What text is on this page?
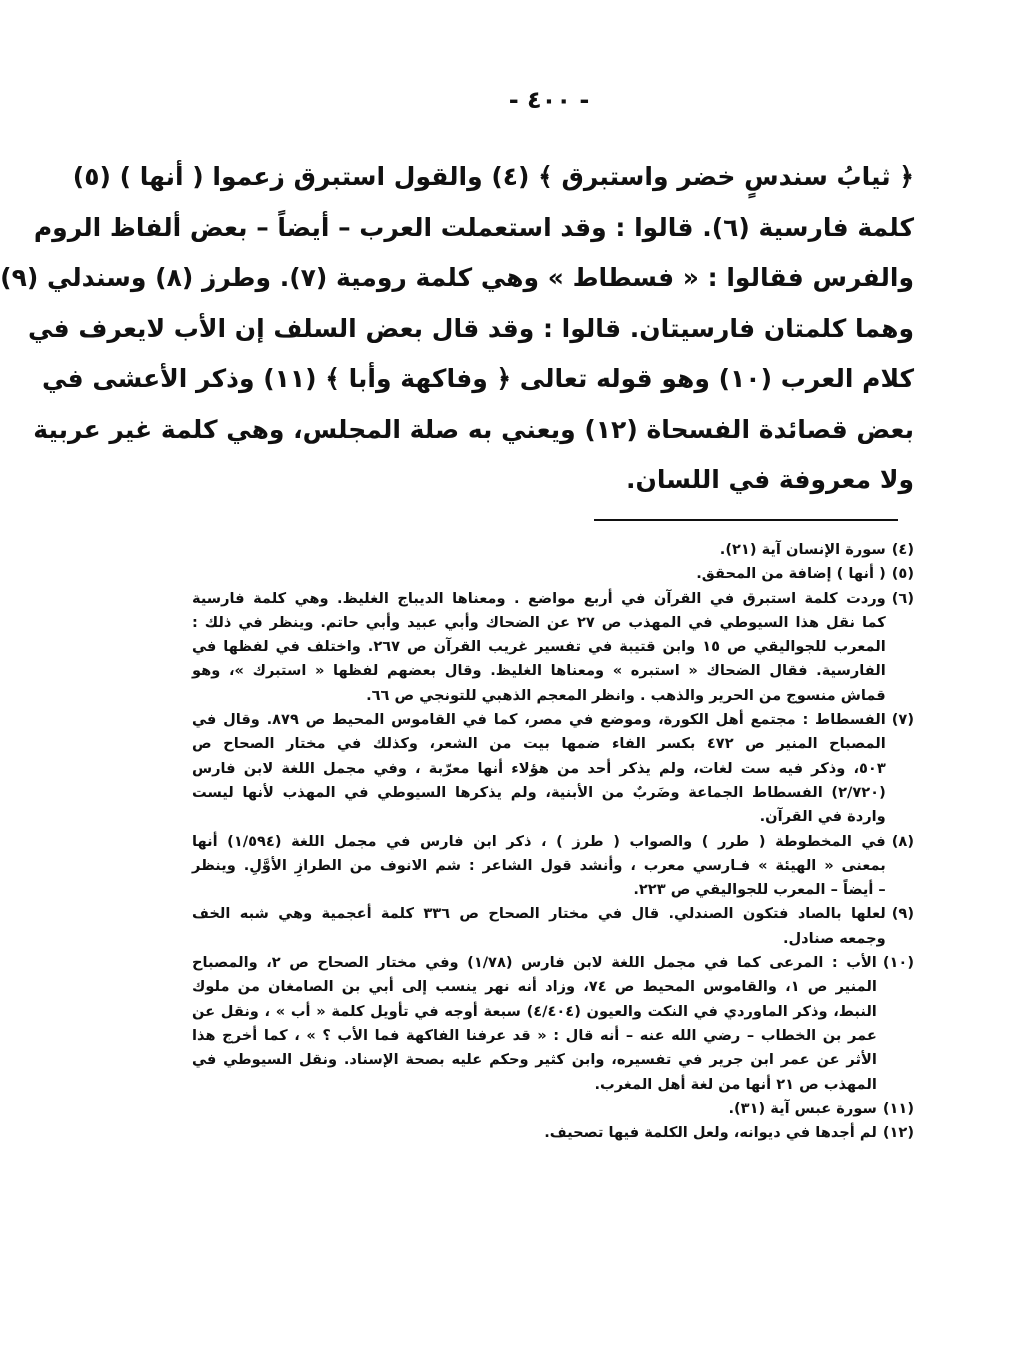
- ٤٠٠ -
﴿ ثيابُ سندسٍ خضر واستبرق ﴾ (٤) والقول استبرق زعموا ( أنها ) (٥)
كلمة فارسية (٦). قالوا : وقد استعملت العرب – أيضاً – بعض ألفاظ الروم
والفرس فقالوا : « فسطاط » وهي كلمة رومية (٧). وطرز (٨) وسندلي (٩)
وهما كلمتان فارسيتان. قالوا : وقد قال بعض السلف إن الأب لايعرف في
كلام العرب (١٠) وهو قوله تعالى ﴿ وفاكهة وأبا ﴾ (١١) وذكر الأعشى في
بعض قصائدة الفسحاة (١٢) ويعني به صلة المجلس، وهي كلمة غير عربية
ولا معروفة في اللسان.
(٤)
سورة الإنسان آية (٢١).
(٥)
( أنها ) إضافة من المحقق.
(٦)
وردت كلمة استبرق في القرآن في أربع مواضع . ومعناها الديباج الغليظ. وهي كلمة فارسية
كما نقل هذا السيوطي في المهذب ص ٢٧ عن الضحاك وأبي عبيد وأبي حاتم. وينظر في ذلك :
المعرب للجواليقي ص ١٥ وابن قتيبة في تفسير غريب القرآن ص ٢٦٧. واختلف في لفظها في
الفارسية. فقال الضحاك « استبره » ومعناها الغليظ. وقال بعضهم لفظها « استبرك »، وهو
قماش منسوج من الحرير والذهب . وانظر المعجم الذهبي للتونجي ص ٦٦.
(٧)
الفسطاط : مجتمع أهل الكورة، وموضع في مصر، كما في القاموس المحيط ص ٨٧٩. وقال في
المصباح المنير ص ٤٧٢ بكسر الفاء ضمها بيت من الشعر، وكذلك في مختار الصحاح ص
٥٠٣، وذكر فيه ست لغات، ولم يذكر أحد من هؤلاء أنها معرّبة ، وفي مجمل اللغة لابن فارس
(٢/٧٢٠) الفسطاط الجماعة وضَربٌ من الأبنية، ولم يذكرها السيوطي في المهذب لأنها ليست
واردة في القرآن.
(٨)
في المخطوطة ( طرر ) والصواب ( طرز ) ، ذكر ابن فارس في مجمل اللغة (١/٥٩٤) أنها
بمعنى « الهيئة » فـارسي معرب ، وأنشد قول الشاعر : شم الانوف من الطرازِ الأوَّلِ. وينظر
– أيضاً – المعرب للجواليقي ص ٢٢٣.
(٩)
لعلها بالصاد فتكون الصندلي. قال في مختار الصحاح ص ٣٣٦ كلمة أعجمية وهي شبه الخف
وجمعه صنادل.
(١٠)
الأب : المرعى كما في مجمل اللغة لابن فارس (١/٧٨) وفي مختار الصحاح ص ٢، والمصباح
المنير ص ١، والقاموس المحيط ص ٧٤، وزاد أنه نهر ينسب إلى أبي بن الصامغان من ملوك
النبط، وذكر الماوردي في النكت والعيون (٤/٤٠٤) سبعة أوجه في تأويل كلمة « أب » ، ونقل عن
عمر بن الخطاب – رضي الله عنه – أنه قال : « قد عرفنا الفاكهة فما الأب ؟ » ، كما أخرج هذا
الأثر عن عمر ابن جرير في تفسيره، وابن كثير وحكم عليه بصحة الإسناد. ونقل السيوطي في
المهذب ص ٢١ أنها من لغة أهل المغرب.
(١١)
سورة عبس آية (٣١).
(١٢)
لم أجدها في ديوانه، ولعل الكلمة فيها تصحيف.
